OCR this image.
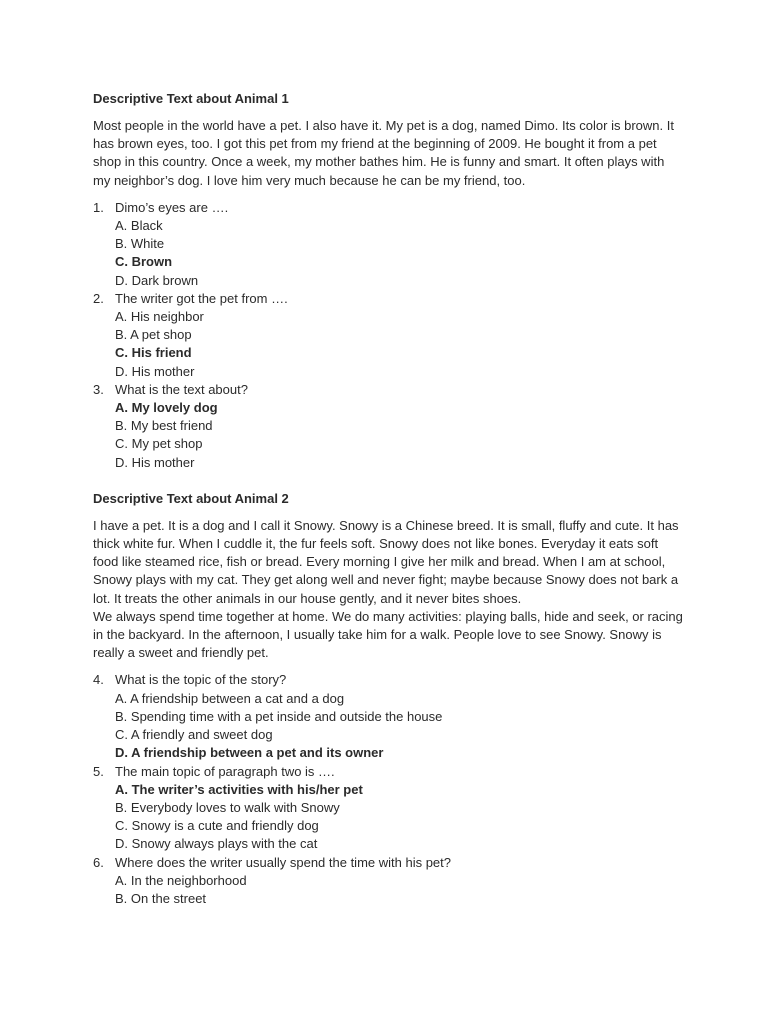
Descriptive Text about Animal 1

Most people in the world have a pet. I also have it. My pet is a dog, named Dimo. Its color is brown. It has brown eyes, too. I got this pet from my friend at the beginning of 2009. He bought it from a pet shop in this country. Once a week, my mother bathes him. He is funny and smart. It often plays with my neighbor’s dog. I love him very much because he can be my friend, too.

1. Dimo’s eyes are ….
A. Black
B. White
C. Brown
D. Dark brown
2. The writer got the pet from ….
A. His neighbor
B. A pet shop
C. His friend
D. His mother
3. What is the text about?
A. My lovely dog
B. My best friend
C. My pet shop
D. His mother
Descriptive Text about Animal 2

I have a pet. It is a dog and I call it Snowy. Snowy is a Chinese breed. It is small, fluffy and cute. It has thick white fur. When I cuddle it, the fur feels soft. Snowy does not like bones. Everyday it eats soft food like steamed rice, fish or bread. Every morning I give her milk and bread. When I am at school, Snowy plays with my cat. They get along well and never fight; maybe because Snowy does not bark a lot. It treats the other animals in our house gently, and it never bites shoes.

We always spend time together at home. We do many activities: playing balls, hide and seek, or racing in the backyard. In the afternoon, I usually take him for a walk. People love to see Snowy. Snowy is really a sweet and friendly pet.

4. What is the topic of the story?
A. A friendship between a cat and a dog
B. Spending time with a pet inside and outside the house
C. A friendly and sweet dog
D. A friendship between a pet and its owner
5. The main topic of paragraph two is ….
A. The writer’s activities with his/her pet
B. Everybody loves to walk with Snowy
C. Snowy is a cute and friendly dog
D. Snowy always plays with the cat
6. Where does the writer usually spend the time with his pet?
A. In the neighborhood
B. On the street
